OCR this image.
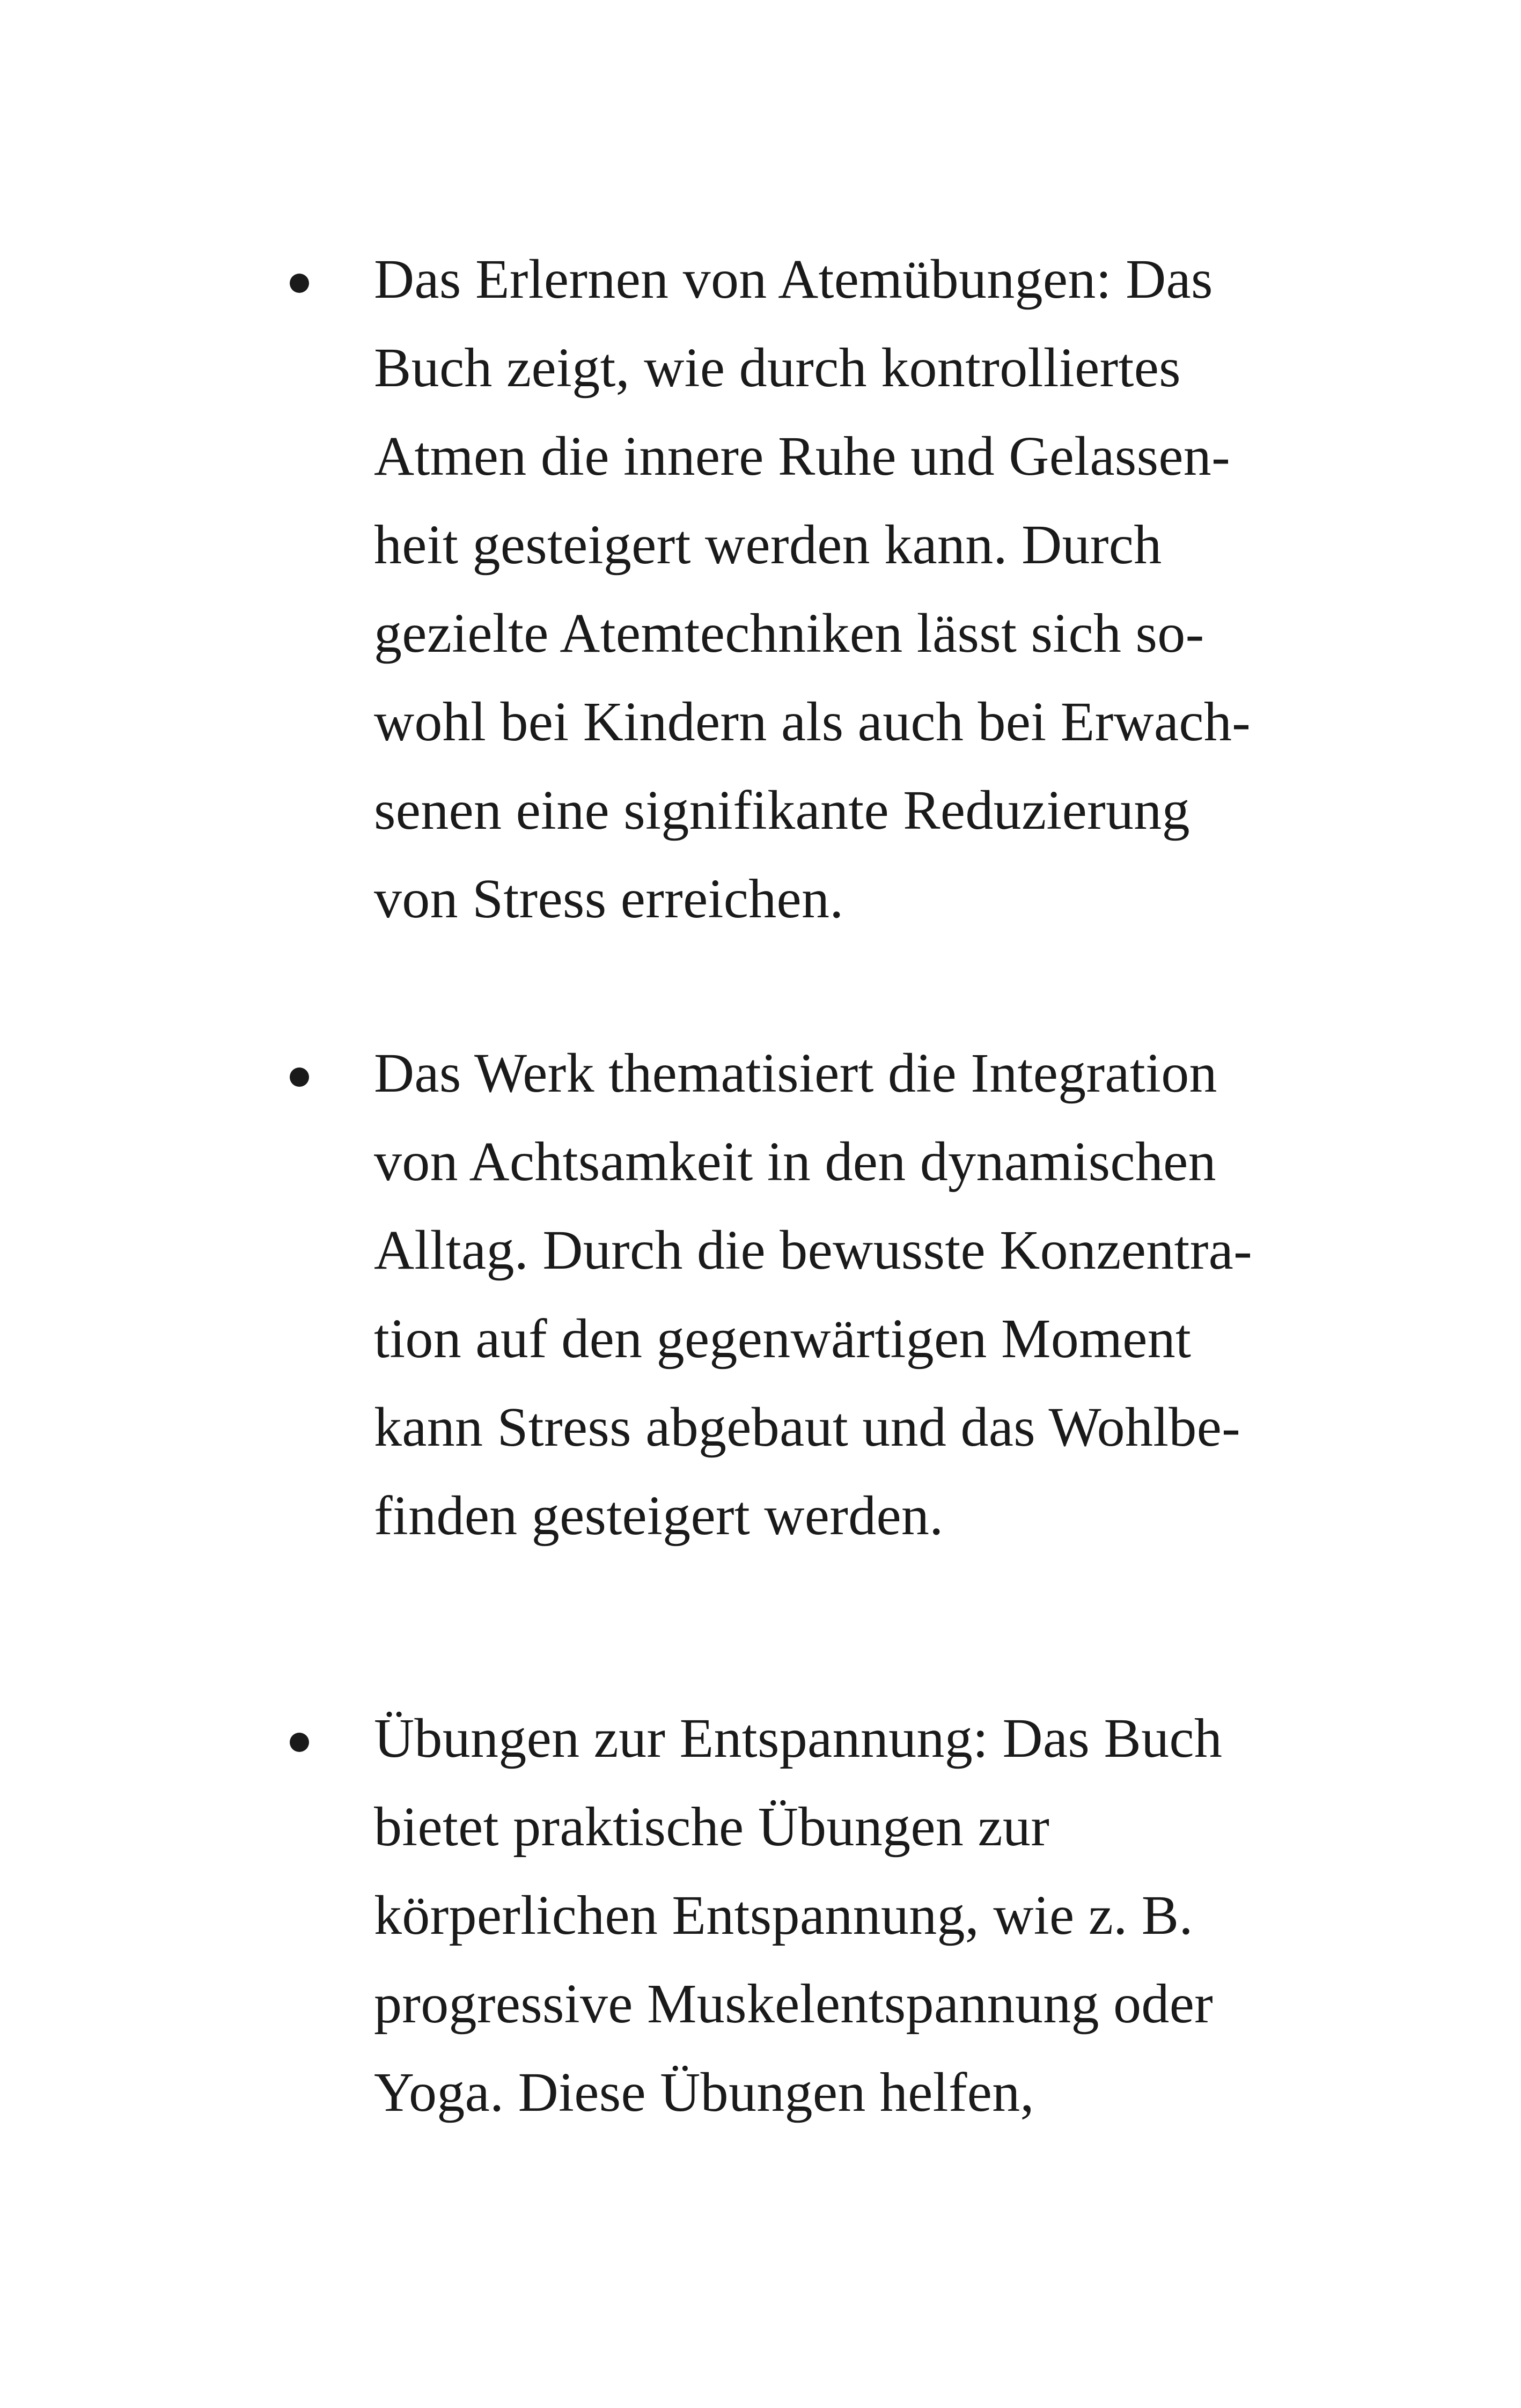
Das Erlernen von Atemübungen: Das
Buch zeigt, wie durch kontrolliertes
Atmen die innere Ruhe und Gelassen-
heit gesteigert werden kann. Durch
gezielte Atemtechniken lässt sich so-
wohl bei Kindern als auch bei Erwach-
senen eine signifikante Reduzierung
von Stress erreichen.
Das Werk thematisiert die Integration
von Achtsamkeit in den dynamischen
Alltag. Durch die bewusste Konzentra-
tion auf den gegenwärtigen Moment
kann Stress abgebaut und das Wohlbe-
finden gesteigert werden.
Übungen zur Entspannung: Das Buch
bietet praktische Übungen zur
körperlichen Entspannung, wie z. B.
progressive Muskelentspannung oder
Yoga. Diese Übungen helfen,
